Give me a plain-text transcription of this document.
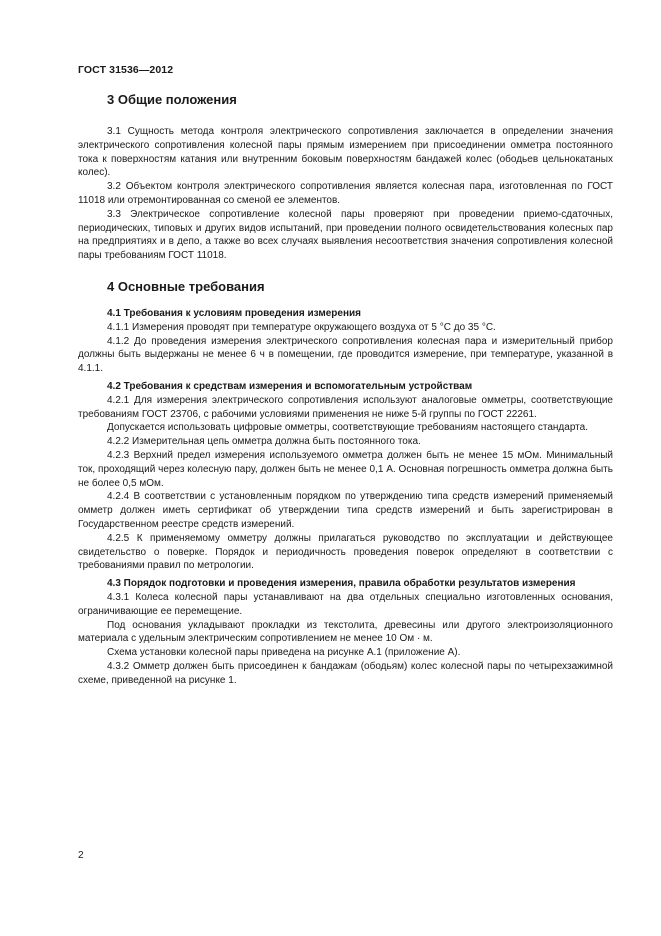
ГОСТ 31536—2012
3 Общие положения

3.1 Сущность метода контроля электрического сопротивления заключается в определении значения электрического сопротивления колесной пары прямым измерением при присоединении омметра постоянного тока к поверхностям катания или внутренним боковым поверхностям бандажей колес (ободьев цельнокатаных колес).

3.2 Объектом контроля электрического сопротивления является колесная пара, изготовленная по ГОСТ 11018 или отремонтированная со сменой ее элементов.

3.3 Электрическое сопротивление колесной пары проверяют при проведении приемо-сдаточных, периодических, типовых и других видов испытаний, при проведении полного освидетельствования колесных пар на предприятиях и в депо, а также во всех случаях выявления несоответствия значения сопротивления колесной пары требованиям ГОСТ 11018.

4 Основные требования
4.1 Требования к условиям проведения измерения

4.1.1 Измерения проводят при температуре окружающего воздуха от 5 °С до 35 °С.

4.1.2 До проведения измерения электрического сопротивления колесная пара и измерительный прибор должны быть выдержаны не менее 6 ч в помещении, где проводится измерение, при температуре, указанной в 4.1.1.

4.2 Требования к средствам измерения и вспомогательным устройствам

4.2.1 Для измерения электрического сопротивления используют аналоговые омметры, соответствующие требованиям ГОСТ 23706, с рабочими условиями применения не ниже 5-й группы по ГОСТ 22261.

Допускается использовать цифровые омметры, соответствующие требованиям настоящего стандарта.

4.2.2 Измерительная цепь омметра должна быть постоянного тока.

4.2.3 Верхний предел измерения используемого омметра должен быть не менее 15 мОм. Минимальный ток, проходящий через колесную пару, должен быть не менее 0,1 А. Основная погрешность омметра должна быть не более 0,5 мОм.

4.2.4 В соответствии с установленным порядком по утверждению типа средств измерений применяемый омметр должен иметь сертификат об утверждении типа средств измерений и быть зарегистрирован в Государственном реестре средств измерений.

4.2.5 К применяемому омметру должны прилагаться руководство по эксплуатации и действующее свидетельство о поверке. Порядок и периодичность проведения поверок определяют в соответствии с требованиями правил по метрологии.

4.3 Порядок подготовки и проведения измерения, правила обработки результатов измерения

4.3.1 Колеса колесной пары устанавливают на два отдельных специально изготовленных основания, ограничивающие ее перемещение.

Под основания укладывают прокладки из текстолита, древесины или другого электроизоляционного материала с удельным электрическим сопротивлением не менее 10 Ом · м.

Схема установки колесной пары приведена на рисунке А.1 (приложение А).

4.3.2 Омметр должен быть присоединен к бандажам (ободьям) колес колесной пары по четырехзажимной схеме, приведенной на рисунке 1.

2
